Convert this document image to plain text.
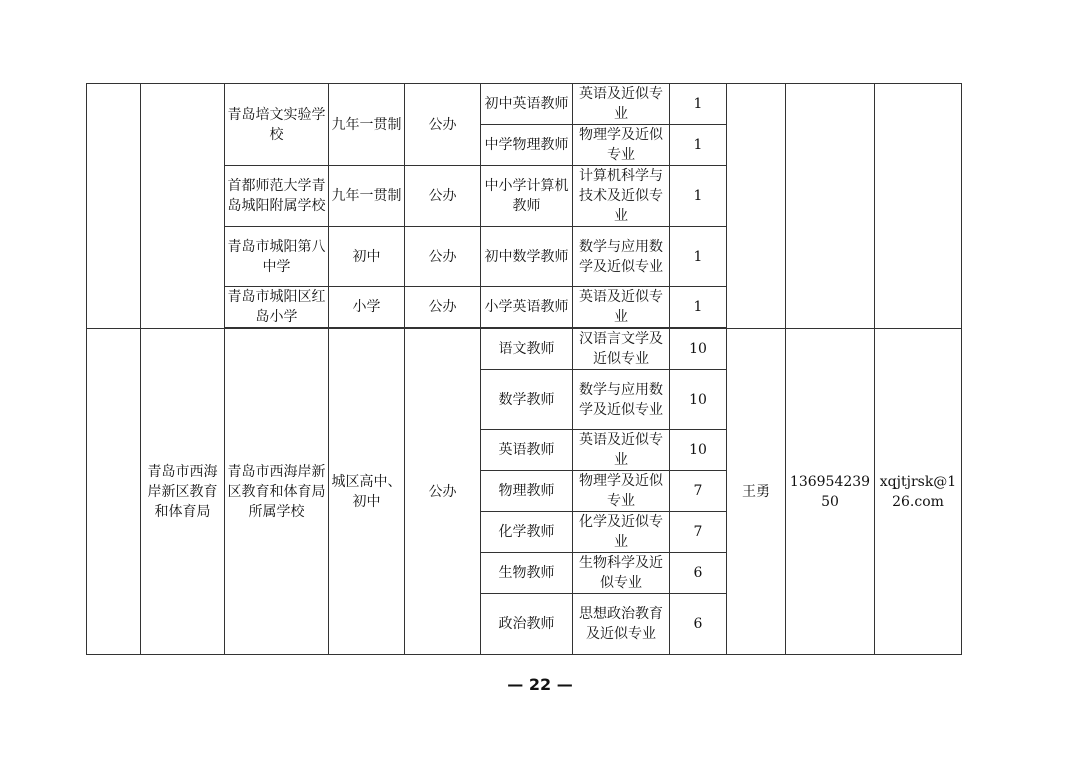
		青岛培文实验学校	九年一贯制	公办	初中英语教师	英语及近似专业	1			
					中学物理教师	物理学及近似专业	1			
		首都师范大学青岛城阳附属学校	九年一贯制	公办	中小学计算机教师	计算机科学与技术及近似专业	1			
		青岛市城阳第八中学	初中	公办	初中数学教师	数学与应用数学及近似专业	1			
		青岛市城阳区红岛小学	小学	公办	小学英语教师	英语及近似专业	1			

	青岛市西海岸新区教育和体育局	青岛市西海岸新区教育和体育局所属学校	城区高中、初中	公办	语文教师	汉语言文学及近似专业	10	王勇	13695423950	xqjtjrsk@126.com
					数学教师	数学与应用数学及近似专业	10			
					英语教师	英语及近似专业	10			
					物理教师	物理学及近似专业	7			
					化学教师	化学及近似专业	7			
					生物教师	生物科学及近似专业	6			
					政治教师	思想政治教育及近似专业	6			
— 22 —
